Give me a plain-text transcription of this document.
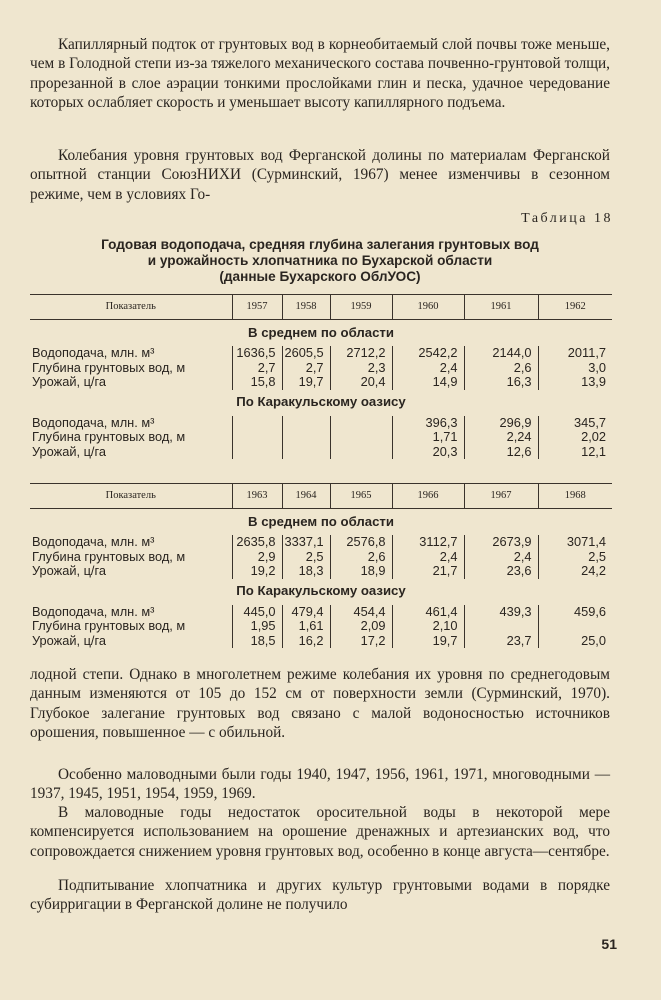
Капиллярный подток от грунтовых вод в корнеобитаемый слой почвы тоже меньше, чем в Голодной степи из-за тяжелого механического состава почвенно-грунтовой толщи, прорезанной в слое аэрации тонкими прослойками глин и песка, удачное чередование которых ослабляет скорость и уменьшает высоту капиллярного подъема.

Колебания уровня грунтовых вод Ферганской долины по материалам Ферганской опытной станции СоюзНИХИ (Сурминский, 1967) менее изменчивы в сезонном режиме, чем в условиях Го-

Таблица 18
Годовая водоподача, средняя глубина залегания грунтовых вод
и урожайность хлопчатника по Бухарской области
(данные Бухарского ОблУОС)
Показатель	1957	1958	1959	1960	1961	1962
В среднем по области						
Водоподача, млн. м³	1636,5	2605,5	2712,2	2542,2	2144,0	2011,7
Глубина грунтовых вод, м	2,7	2,7	2,3	2,4	2,6	3,0
Урожай, ц/га	15,8	19,7	20,4	14,9	16,3	13,9
По Каракульскому оазису						
Водоподача, млн. м³				396,3	296,9	345,7
Глубина грунтовых вод, м				1,71	2,24	2,02
Урожай, ц/га				20,3	12,6	12,1
Показатель	1963	1964	1965	1966	1967	1968
В среднем по области						
Водоподача, млн. м³	2635,8	3337,1	2576,8	3112,7	2673,9	3071,4
Глубина грунтовых вод, м	2,9	2,5	2,6	2,4	2,4	2,5
Урожай, ц/га	19,2	18,3	18,9	21,7	23,6	24,2
По Каракульскому оазису						
Водоподача, млн. м³	445,0	479,4	454,4	461,4	439,3	459,6
Глубина грунтовых вод, м	1,95	1,61	2,09	2,10		
Урожай, ц/га	18,5	16,2	17,2	19,7	23,7	25,0

лодной степи. Однако в многолетнем режиме колебания их уровня по среднегодовым данным изменяются от 105 до 152 см от поверхности земли (Сурминский, 1970). Глубокое залегание грунтовых вод связано с малой водоносностью источников орошения, повышенное — с обильной.

Особенно маловодными были годы 1940, 1947, 1956, 1961, 1971, многоводными —1937, 1945, 1951, 1954, 1959, 1969.

В маловодные годы недостаток оросительной воды в некоторой мере компенсируется использованием на орошение дренажных и артезианских вод, что сопровождается снижением уровня грунтовых вод, особенно в конце августа—сентябре.

Подпитывание хлопчатника и других культур грунтовыми водами в порядке субирригации в Ферганской долине не получило

51
